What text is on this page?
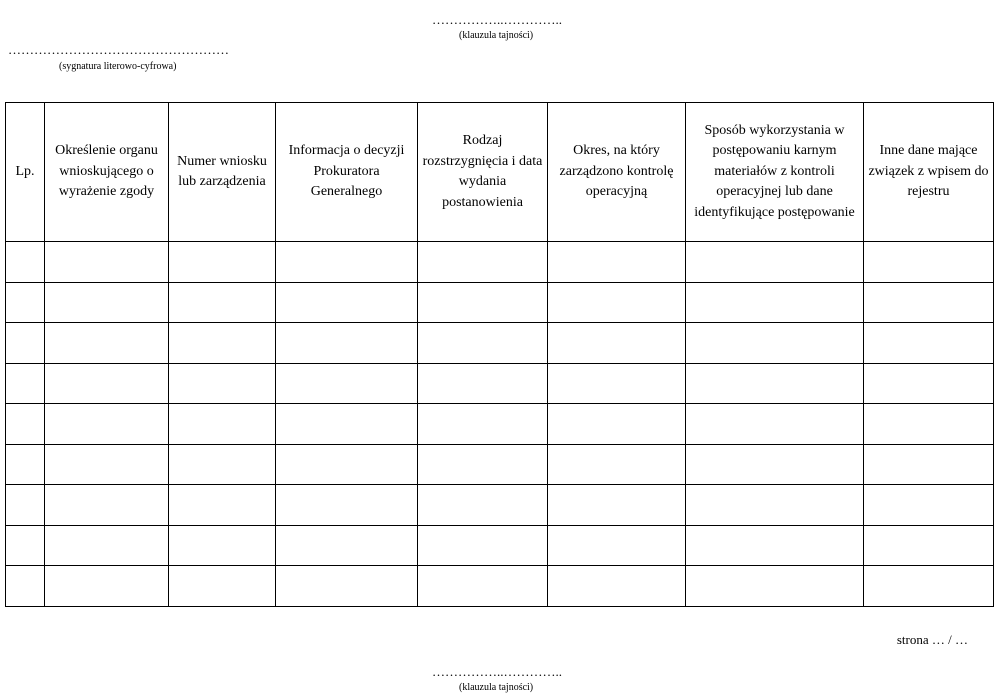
……………..…………..
(klauzula tajności)
……………………………………………
(sygnatura literowo-cyfrowa)
Lp.	Określenie organu wnioskującego o wyrażenie zgody	Numer wniosku lub zarządzenia	Informacja o decyzji Prokuratora Generalnego	Rodzaj rozstrzygnięcia i data wydania postanowienia	Okres, na który zarządzono kontrolę operacyjną	Sposób wykorzystania w postępowaniu karnym materiałów z kontroli operacyjnej lub dane identyfikujące postępowanie	Inne dane mające związek z wpisem do rejestru

strona … / …
……………..…………..
(klauzula tajności)
